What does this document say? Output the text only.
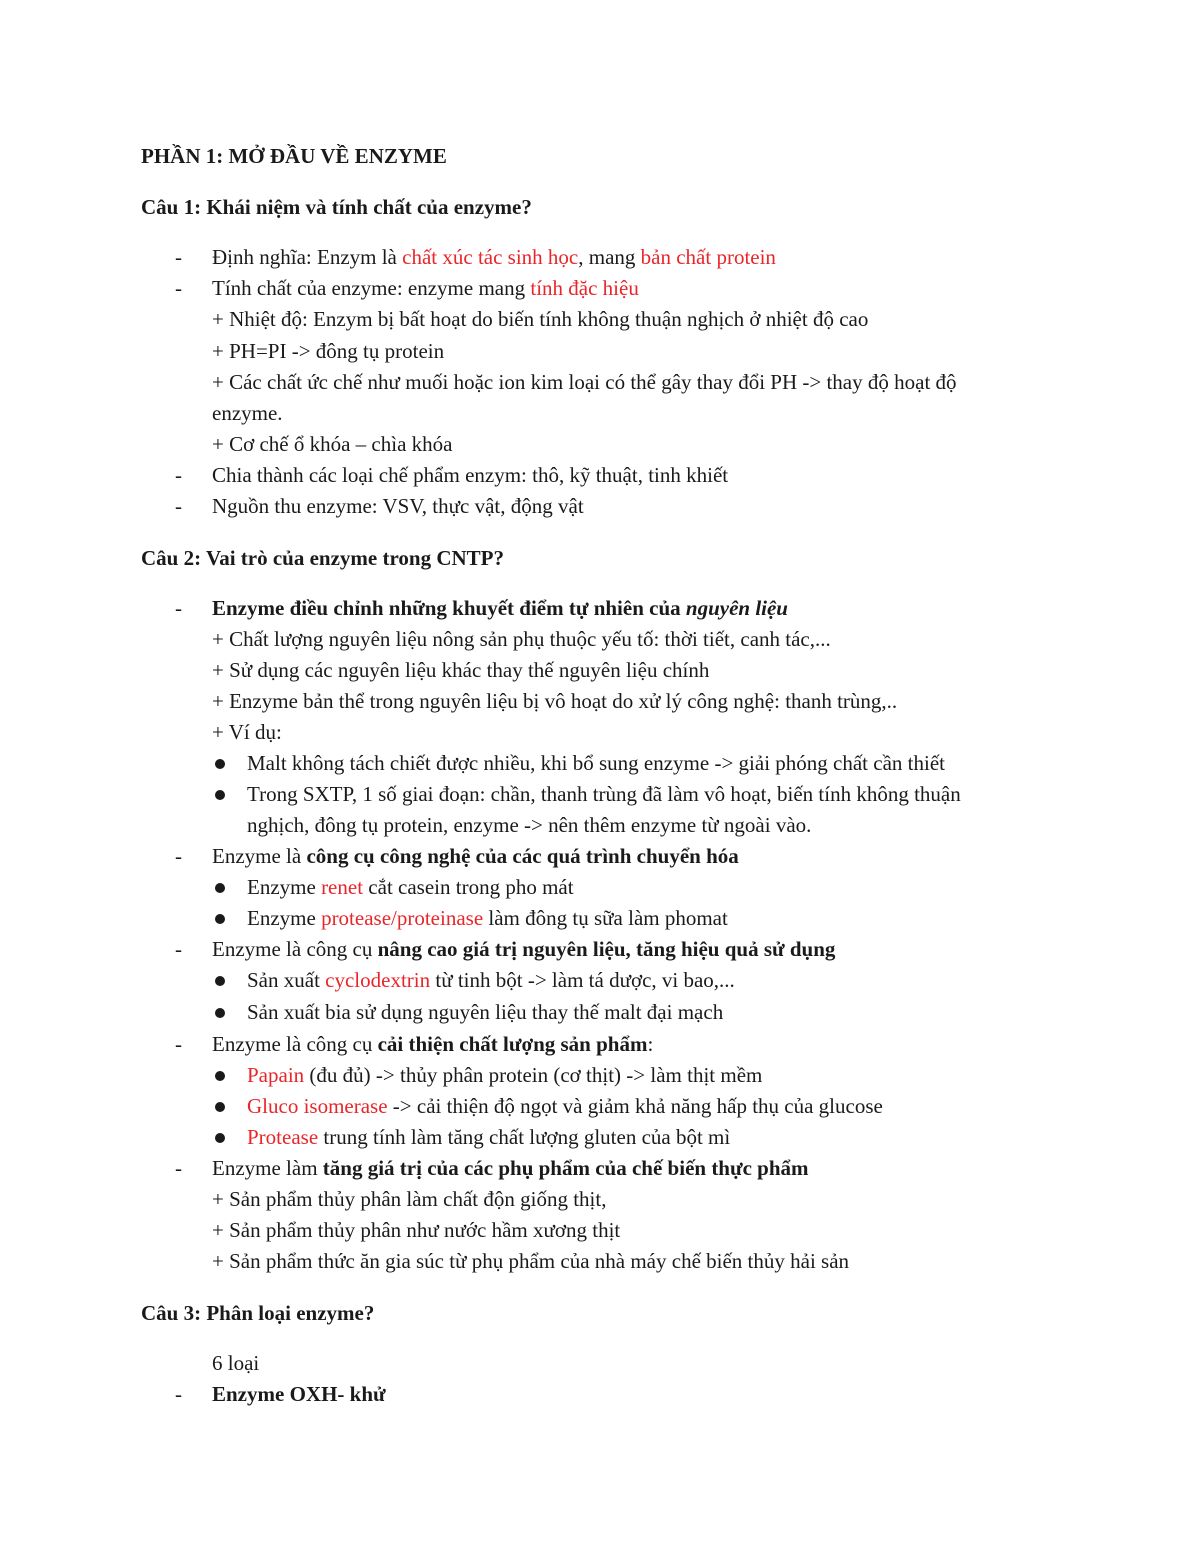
PHẦN 1: MỞ ĐẦU VỀ ENZYME
Câu 1: Khái niệm và tính chất của enzyme?
- Định nghĩa: Enzym là chất xúc tác sinh học, mang bản chất protein
- Tính chất của enzyme: enzyme mang tính đặc hiệu
+ Nhiệt độ: Enzym bị bất hoạt do biến tính không thuận nghịch ở nhiệt độ cao
+ PH=PI -> đông tụ protein
+ Các chất ức chế như muối hoặc ion kim loại có thể gây thay đổi PH -> thay độ hoạt độ
enzyme.
+ Cơ chế ổ khóa – chìa khóa
- Chia thành các loại chế phẩm enzym: thô, kỹ thuật, tinh khiết
- Nguồn thu enzyme: VSV, thực vật, động vật
Câu 2: Vai trò của enzyme trong CNTP?
- Enzyme điều chỉnh những khuyết điểm tự nhiên của nguyên liệu
+ Chất lượng nguyên liệu nông sản phụ thuộc yếu tố: thời tiết, canh tác,...
+ Sử dụng các nguyên liệu khác thay thế nguyên liệu chính
+ Enzyme bản thể trong nguyên liệu bị vô hoạt do xử lý công nghệ: thanh trùng,..
+ Ví dụ:
Malt không tách chiết được nhiều, khi bổ sung enzyme -> giải phóng chất cần thiết
Trong SXTP, 1 số giai đoạn: chần, thanh trùng đã làm vô hoạt, biến tính không thuận
nghịch, đông tụ protein, enzyme -> nên thêm enzyme từ ngoài vào.
- Enzyme là công cụ công nghệ của các quá trình chuyển hóa
Enzyme renet cắt casein trong pho mát
Enzyme protease/proteinase làm đông tụ sữa làm phomat
- Enzyme là công cụ nâng cao giá trị nguyên liệu, tăng hiệu quả sử dụng
Sản xuất cyclodextrin từ tinh bột -> làm tá dược, vi bao,...
Sản xuất bia sử dụng nguyên liệu thay thế malt đại mạch
- Enzyme là công cụ cải thiện chất lượng sản phẩm:
Papain (đu đủ) -> thủy phân protein (cơ thịt) -> làm thịt mềm
Gluco isomerase -> cải thiện độ ngọt và giảm khả năng hấp thụ của glucose
Protease trung tính làm tăng chất lượng gluten của bột mì
- Enzyme làm tăng giá trị của các phụ phẩm của chế biến thực phẩm
+ Sản phẩm thủy phân làm chất độn giống thịt,
+ Sản phẩm thủy phân như nước hầm xương thịt
+ Sản phẩm thức ăn gia súc từ phụ phẩm của nhà máy chế biến thủy hải sản
Câu 3: Phân loại enzyme?
6 loại
- Enzyme OXH- khử
